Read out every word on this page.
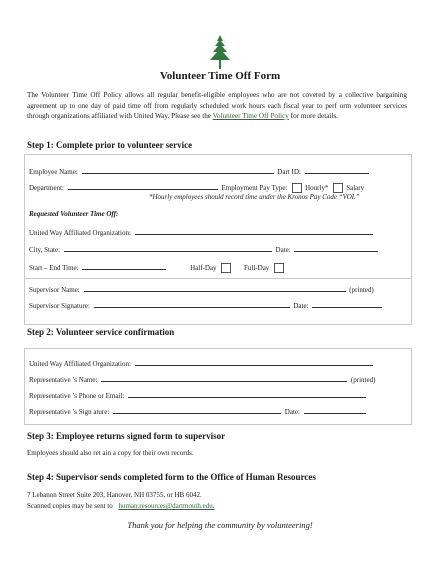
Volunteer Time Off Form
The Volunteer Time Off Policy allows all regular benefit-eligible employees who are not covered by a collective bargaining agreement up to one day of paid time off from regularly scheduled work hours each fiscal year to perf orm volunteer services through organizations affiliated with United Way. Please see the Volunteer Time Off Policy for more details.
Step 1: Complete prior to volunteer service
Employee Name:	Dart ID:
Department:	Employment Pay Type:	Hourly*	Salary
*Hourly employees should record time under the Kronos Pay Code “VOL”
Requested Volunteer Time Off:
United Way Affiliated Organization:
City, State:	Date:
Start – End Time:	Half-Day	Full-Day
Supervisor Name:	(printed)
Supervisor Signature:	Date:
Step 2: Volunteer service confirmation
United Way Affiliated Organization:
Representative ’s Name:	(printed)
Representative ’s Phone or Email:
Representative ’s Sign ature:	Date:
Step 3: Employee returns signed form to supervisor
Employees should also ret ain a copy for their own records.
Step 4: Supervisor sends completed form to the Office of Human Resources
7 Lebanon Street Suite 203, Hanover, NH 03755, or HB 6042.
Scanned copies may be sent to human.resources@dartmouth.edu.
Thank you for helping the community by volunteering!
